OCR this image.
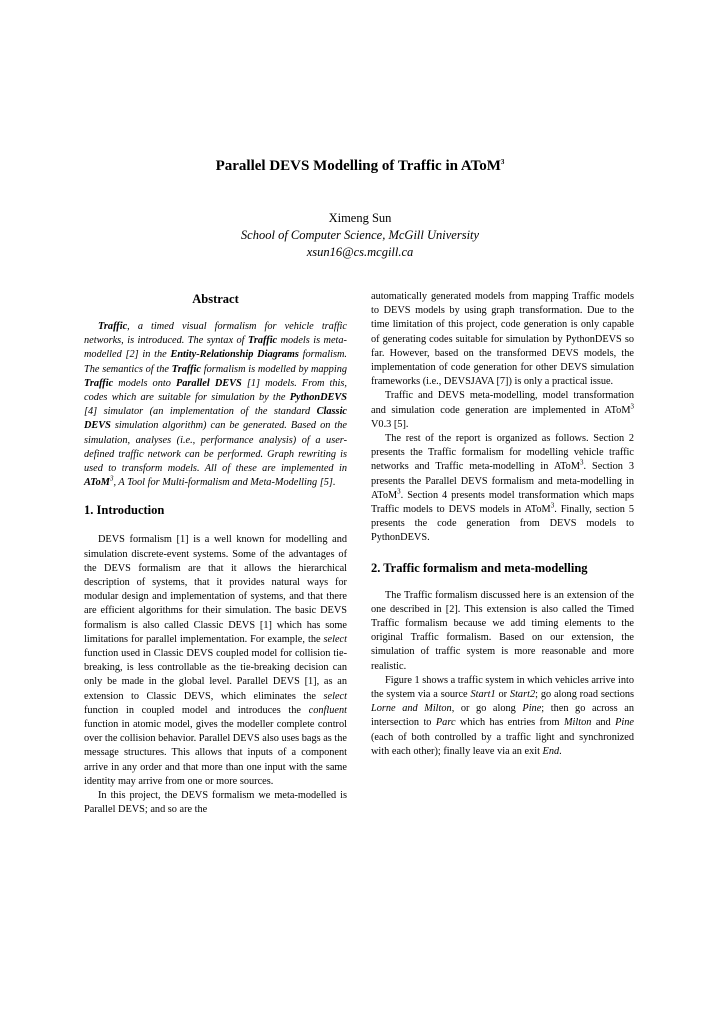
Parallel DEVS Modelling of Traffic in AToM$^3$
Ximeng Sun
School of Computer Science, McGill University
xsun16@cs.mcgill.ca
Abstract

Traffic, a timed visual formalism for vehicle traffic networks, is introduced. The syntax of Traffic models is meta-modelled [2] in the Entity-Relationship Diagrams formalism. The semantics of the Traffic formalism is modelled by mapping Traffic models onto Parallel DEVS [1] models. From this, codes which are suitable for simulation by the PythonDEVS [4] simulator (an implementation of the standard Classic DEVS simulation algorithm) can be generated. Based on the simulation, analyses (i.e., performance analysis) of a user-defined traffic network can be performed. Graph rewriting is used to transform models. All of these are implemented in AToM$^3$, A Tool for Multi-formalism and Meta-Modelling [5].

1. Introduction

DEVS formalism [1] is a well known for modelling and simulation discrete-event systems. Some of the advantages of the DEVS formalism are that it allows the hierarchical description of systems, that it provides natural ways for modular design and implementation of systems, and that there are efficient algorithms for their simulation. The basic DEVS formalism is also called Classic DEVS [1] which has some limitations for parallel implementation. For example, the select function used in Classic DEVS coupled model for collision tie-breaking, is less controllable as the tie-breaking decision can only be made in the global level. Parallel DEVS [1], as an extension to Classic DEVS, which eliminates the select function in coupled model and introduces the confluent function in atomic model, gives the modeller complete control over the collision behavior. Parallel DEVS also uses bags as the message structures. This allows that inputs of a component arrive in any order and that more than one input with the same identity may arrive from one or more sources.

In this project, the DEVS formalism we meta-modelled is Parallel DEVS; and so are the

automatically generated models from mapping Traffic models to DEVS models by using graph transformation. Due to the time limitation of this project, code generation is only capable of generating codes suitable for simulation by PythonDEVS so far. However, based on the transformed DEVS models, the implementation of code generation for other DEVS simulation frameworks (i.e., DEVSJAVA [7]) is only a practical issue.

Traffic and DEVS meta-modelling, model transformation and simulation code generation are implemented in AToM$^3$ V0.3 [5].

The rest of the report is organized as follows. Section 2 presents the Traffic formalism for modelling vehicle traffic networks and Traffic meta-modelling in AToM$^3$. Section 3 presents the Parallel DEVS formalism and meta-modelling in AToM$^3$. Section 4 presents model transformation which maps Traffic models to DEVS models in AToM$^3$. Finally, section 5 presents the code generation from DEVS models to PythonDEVS.

2. Traffic formalism and meta-modelling

The Traffic formalism discussed here is an extension of the one described in [2]. This extension is also called the Timed Traffic formalism because we add timing elements to the original Traffic formalism. Based on our extension, the simulation of traffic system is more reasonable and more realistic.

Figure 1 shows a traffic system in which vehicles arrive into the system via a source Start1 or Start2; go along road sections Lorne and Milton, or go along Pine; then go across an intersection to Parc which has entries from Milton and Pine (each of both controlled by a traffic light and synchronized with each other); finally leave via an exit End.
